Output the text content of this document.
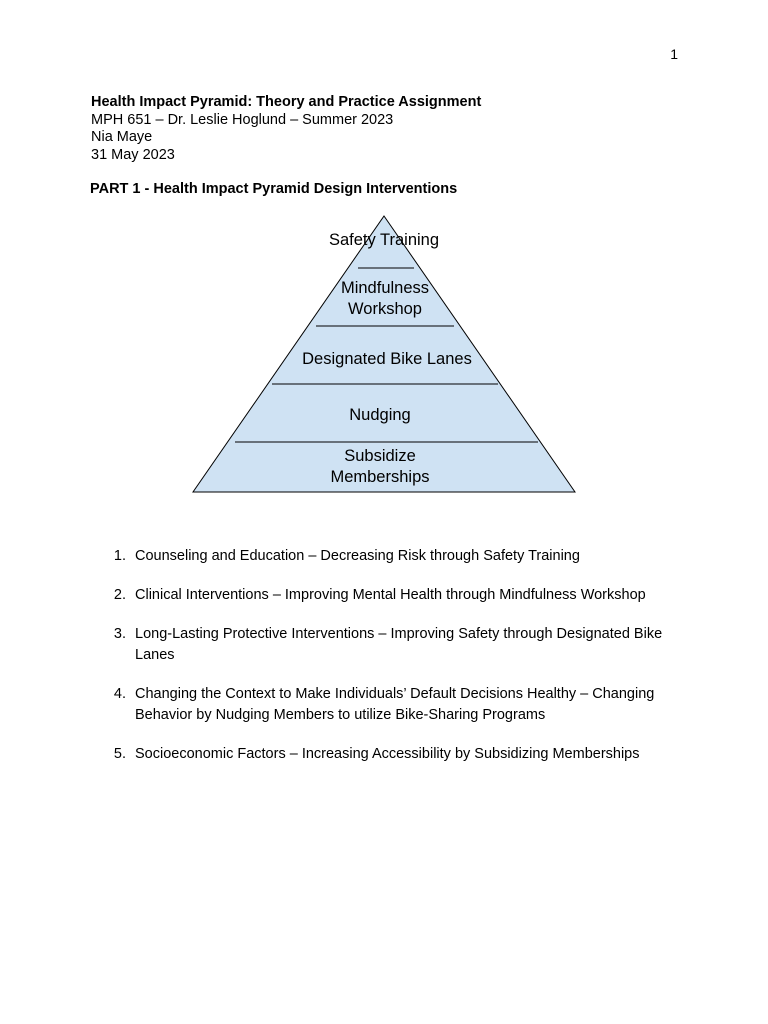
1
Health Impact Pyramid: Theory and Practice Assignment
MPH 651 – Dr. Leslie Hoglund – Summer 2023
Nia Maye
31 May 2023
PART 1 - Health Impact Pyramid Design Interventions
Safety Training
Mindfulness
Workshop
Designated Bike Lanes
Nudging
Subsidize
Memberships
1. Counseling and Education – Decreasing Risk through Safety Training
2. Clinical Interventions – Improving Mental Health through Mindfulness Workshop
3. Long-Lasting Protective Interventions – Improving Safety through Designated Bike Lanes
4. Changing the Context to Make Individuals’ Default Decisions Healthy – Changing Behavior by Nudging Members to utilize Bike-Sharing Programs
5. Socioeconomic Factors – Increasing Accessibility by Subsidizing Memberships
